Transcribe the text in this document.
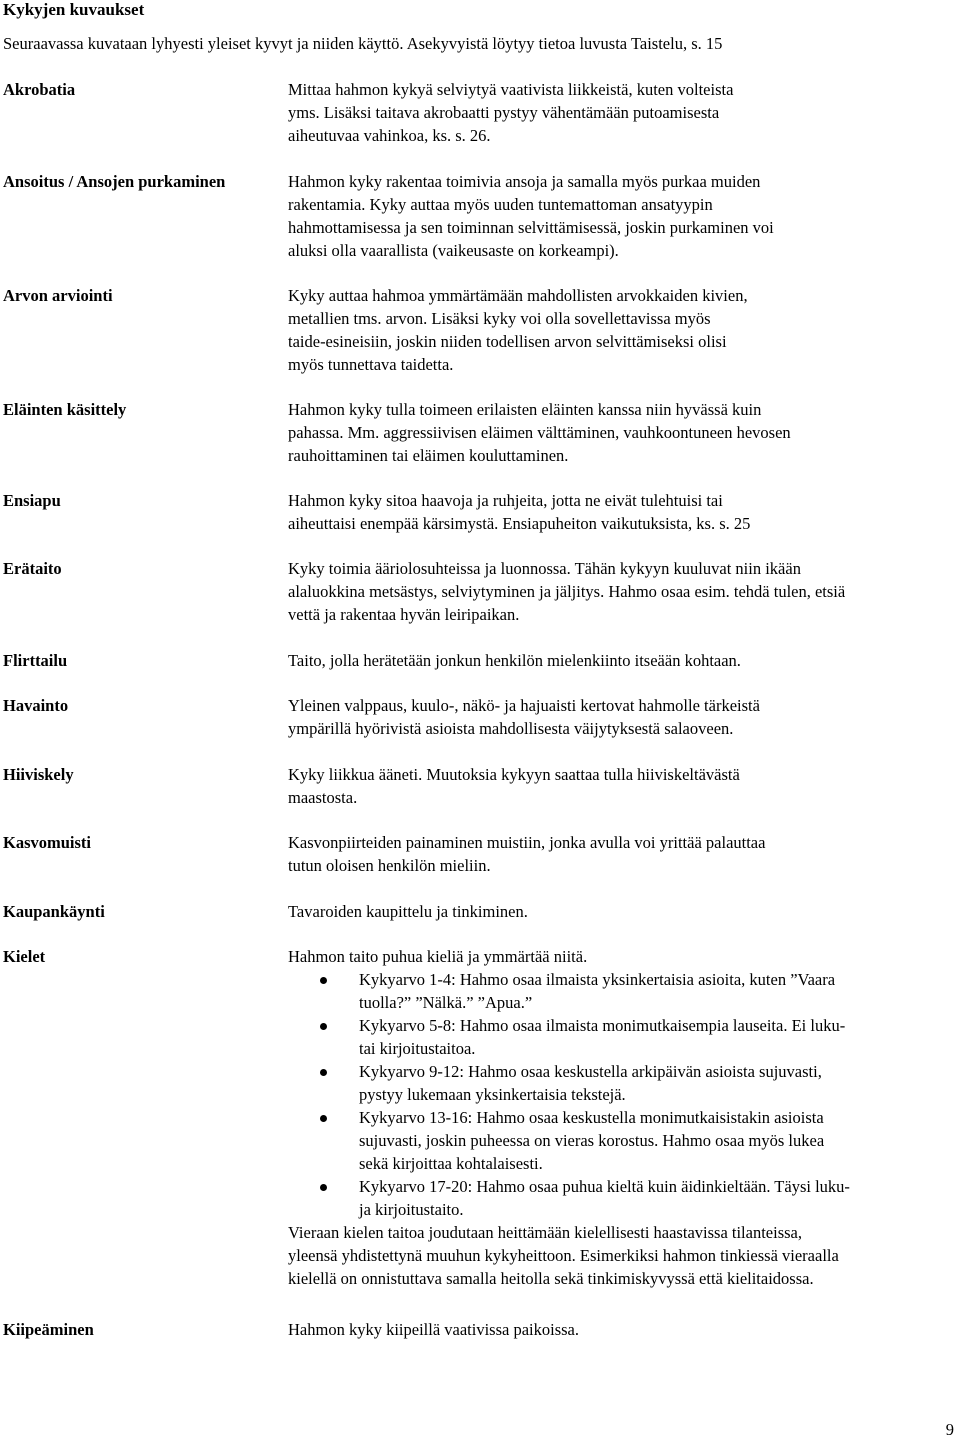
Kykyjen kuvaukset
Seuraavassa kuvataan lyhyesti yleiset kyvyt ja niiden käyttö. Asekyvyistä löytyy tietoa luvusta Taistelu, s. 15
Akrobatia	Mittaa hahmon kykyä selviytyä vaativista liikkeistä, kuten volteista
yms. Lisäksi taitava akrobaatti pystyy vähentämään putoamisesta
aiheutuvaa vahinkoa, ks. s. 26.
Ansoitus / Ansojen purkaminen	Hahmon kyky rakentaa toimivia ansoja ja samalla myös purkaa muiden
rakentamia. Kyky auttaa myös uuden tuntemattoman ansatyypin
hahmottamisessa ja sen toiminnan selvittämisessä, joskin purkaminen voi
aluksi olla vaarallista (vaikeusaste on korkeampi).
Arvon arviointi	Kyky auttaa hahmoa ymmärtämään mahdollisten arvokkaiden kivien,
metallien tms. arvon. Lisäksi kyky voi olla sovellettavissa myös
taide-esineisiin, joskin niiden todellisen arvon selvittämiseksi olisi
myös tunnettava taidetta.
Eläinten käsittely	Hahmon kyky tulla toimeen erilaisten eläinten kanssa niin hyvässä kuin
pahassa. Mm. aggressiivisen eläimen välttäminen, vauhkoontuneen hevosen
rauhoittaminen tai eläimen kouluttaminen.
Ensiapu	Hahmon kyky sitoa haavoja ja ruhjeita, jotta ne eivät tulehtuisi tai
aiheuttaisi enempää kärsimystä. Ensiapuheiton vaikutuksista, ks. s. 25
Erätaito	Kyky toimia ääriolosuhteissa ja luonnossa. Tähän kykyyn kuuluvat niin ikään
alaluokkina metsästys, selviytyminen ja jäljitys. Hahmo osaa esim. tehdä tulen, etsiä
vettä ja rakentaa hyvän leiripaikan.
Flirttailu	Taito, jolla herätetään jonkun henkilön mielenkiinto itseään kohtaan.
Havainto	Yleinen valppaus, kuulo-, näkö- ja hajuaisti kertovat hahmolle tärkeistä
ympärillä hyörivistä asioista mahdollisesta väijytyksestä salaoveen.
Hiiviskely	Kyky liikkua ääneti. Muutoksia kykyyn saattaa tulla hiiviskeltävästä
maastosta.
Kasvomuisti	Kasvonpiirteiden painaminen muistiin, jonka avulla voi yrittää palauttaa
tutun oloisen henkilön mieliin.
Kaupankäynti	Tavaroiden kaupittelu ja tinkiminen.
Kielet	Hahmon taito puhua kieliä ja ymmärtää niitä.
Kykyarvo 1-4: Hahmo osaa ilmaista yksinkertaisia asioita, kuten ”Vaara
tuolla?” ”Nälkä.” ”Apua.”
Kykyarvo 5-8: Hahmo osaa ilmaista monimutkaisempia lauseita. Ei luku-
tai kirjoitustaitoa.
Kykyarvo 9-12: Hahmo osaa keskustella arkipäivän asioista sujuvasti,
pystyy lukemaan yksinkertaisia tekstejä.
Kykyarvo 13-16: Hahmo osaa keskustella monimutkaisistakin asioista
sujuvasti, joskin puheessa on vieras korostus. Hahmo osaa myös lukea
sekä kirjoittaa kohtalaisesti.
Kykyarvo 17-20: Hahmo osaa puhua kieltä kuin äidinkieltään. Täysi luku-
ja kirjoitustaito.
Vieraan kielen taitoa joudutaan heittämään kielellisesti haastavissa tilanteissa,
yleensä yhdistettynä muuhun kykyheittoon. Esimerkiksi hahmon tinkiessä vieraalla
kielellä on onnistuttava samalla heitolla sekä tinkimiskyvyssä että kielitaidossa.
Kiipeäminen	Hahmon kyky kiipeillä vaativissa paikoissa.
9
